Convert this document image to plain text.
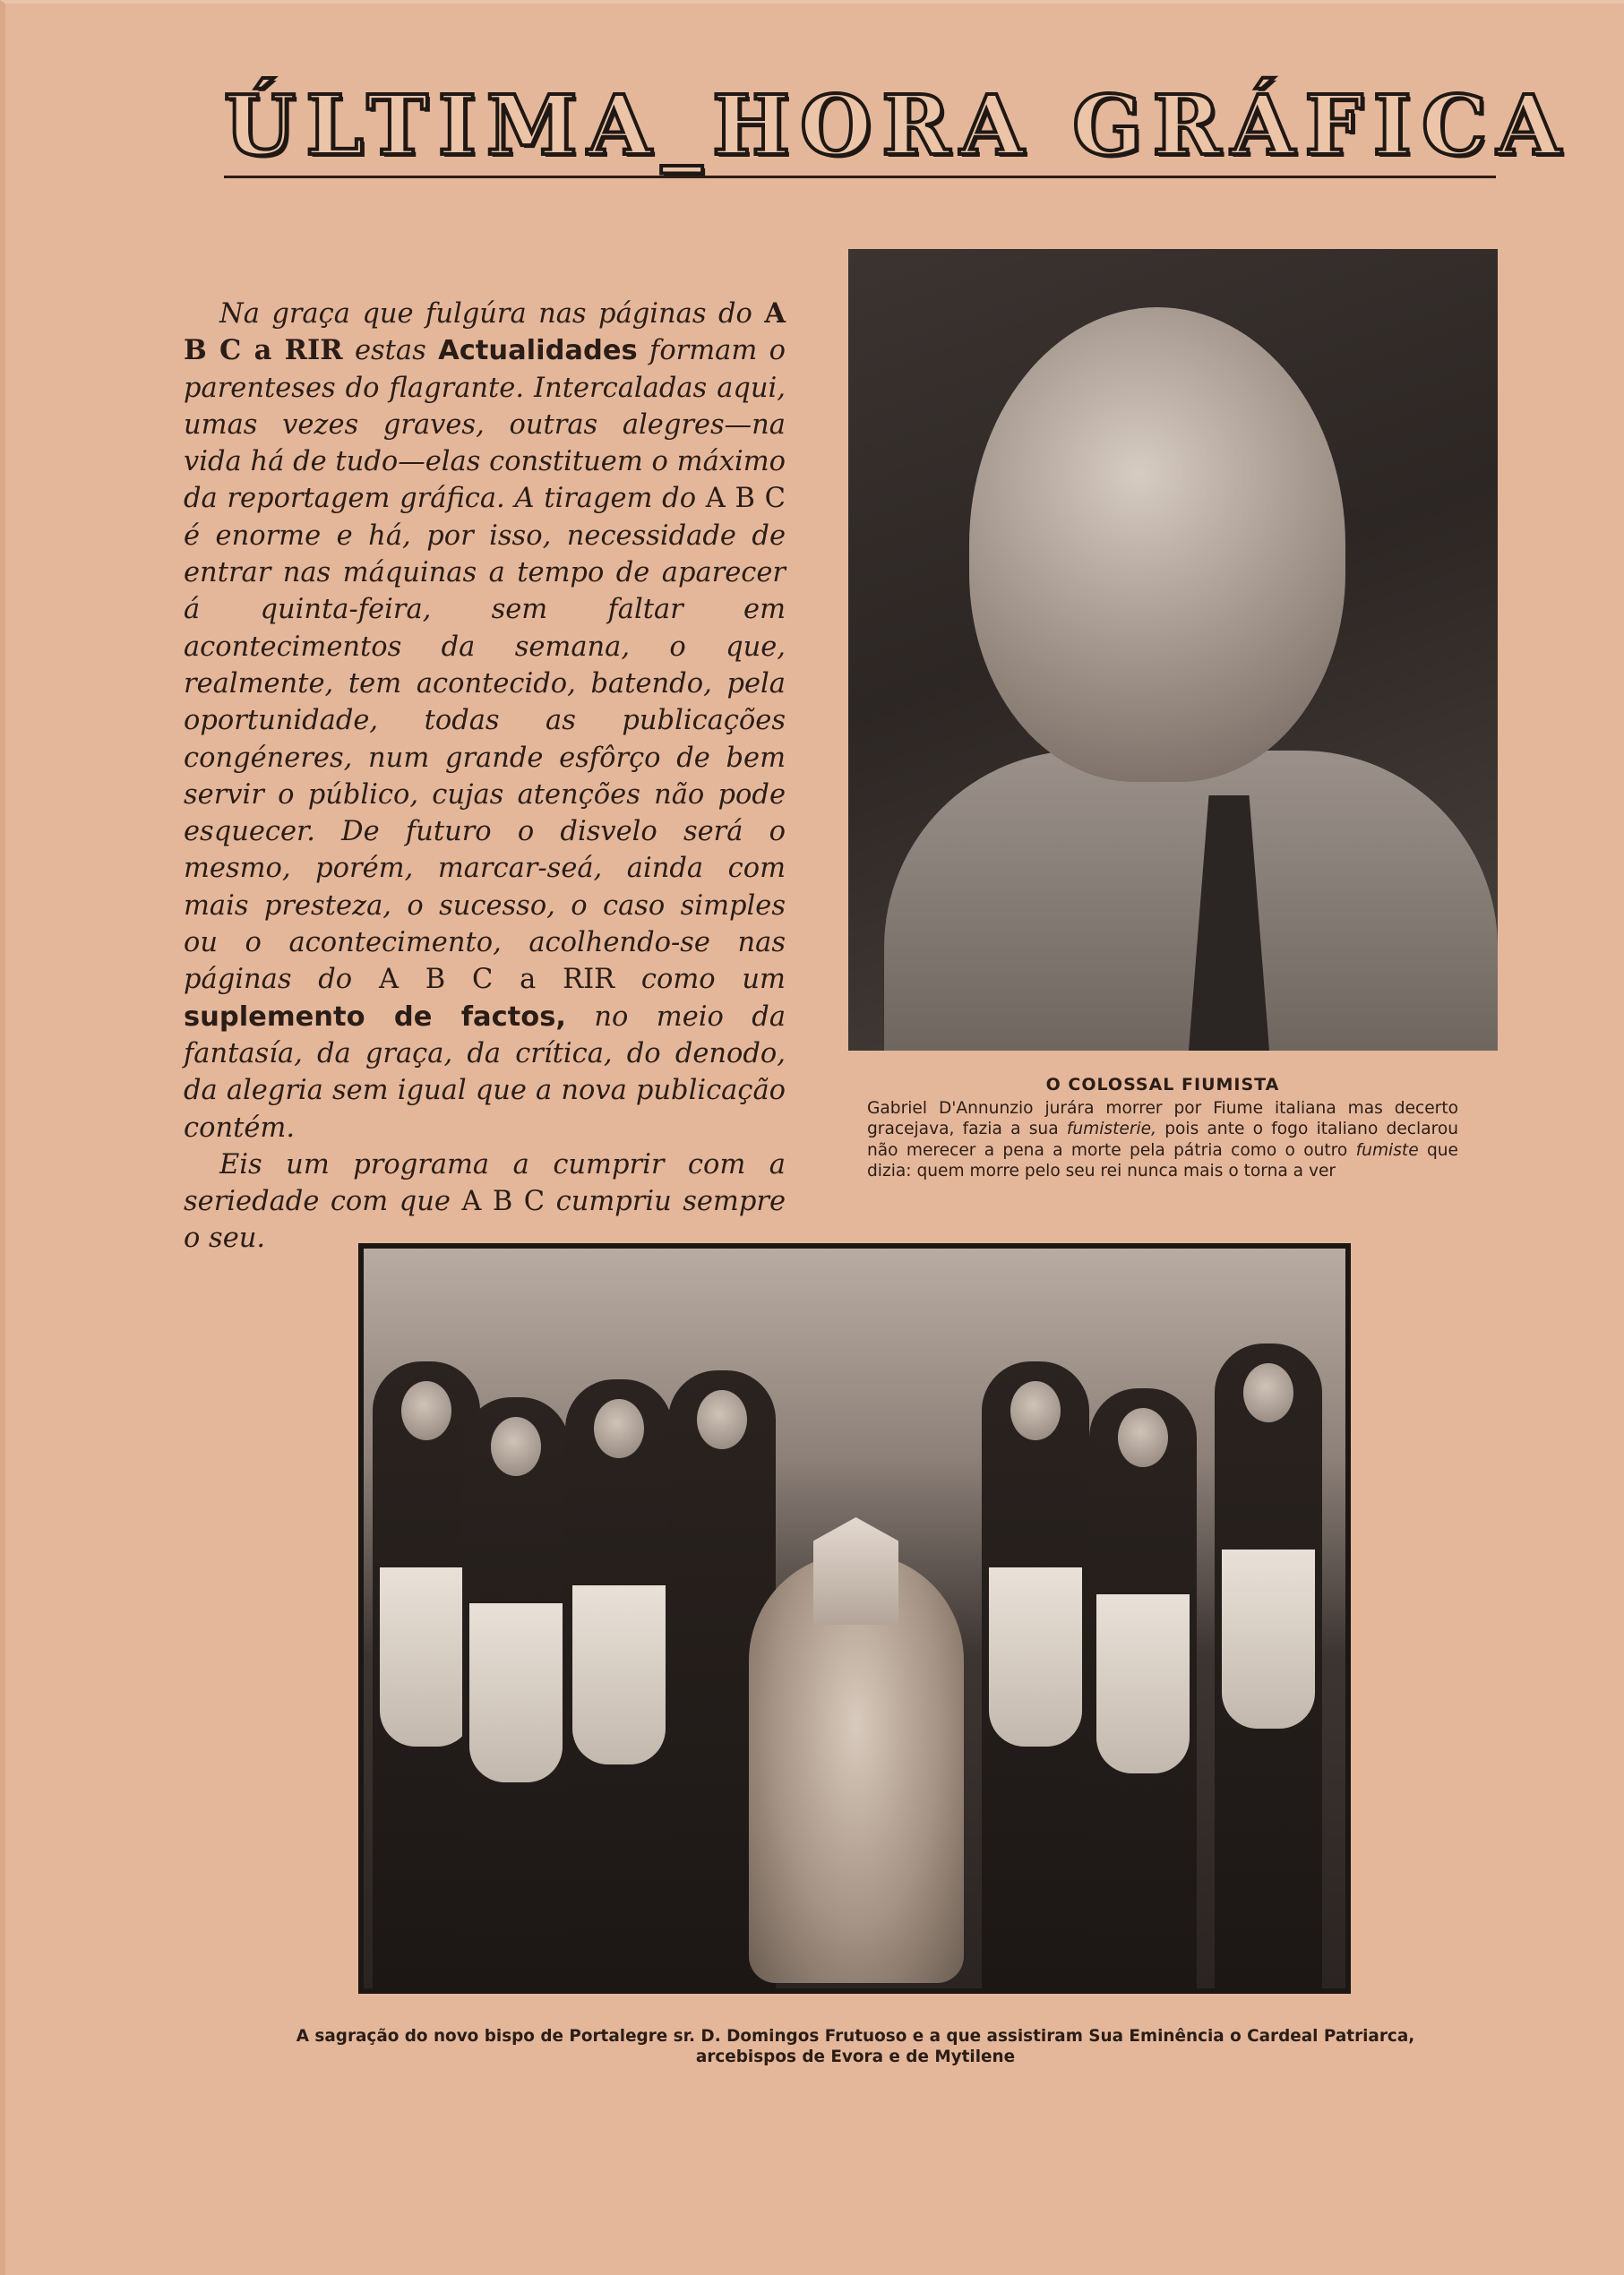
ÚLTIMA_HORA GRÁFICA

Na graça que fulgúra nas páginas do A B C a RIR estas Actualidades formam o parenteses do flagrante. Intercaladas aqui, umas vezes graves, outras alegres—na vida há de tudo—elas constituem o máximo da reportagem gráfica. A tiragem do A B C é enorme e há, por isso, necessidade de entrar nas máquinas a tempo de aparecer á quinta-feira, sem faltar em acontecimentos da semana, o que, realmente, tem acontecido, batendo, pela oportunidade, todas as publicações congéneres, num grande esfôrço de bem servir o público, cujas atenções não pode esquecer. De futuro o disvelo será o mesmo, porém, marcar-seá, ainda com mais presteza, o sucesso, o caso simples ou o acontecimento, acolhendo-se nas páginas do A B C a RIR como um suplemento de factos, no meio da fantasía, da graça, da crítica, do denodo, da alegria sem igual que a nova publicação contém.

Eis um programa a cumprir com a seriedade com que A B C cumpriu sempre o seu.

O COLOSSAL FIUMISTA
Gabriel D'Annunzio jurára morrer por Fiume italiana mas decerto gracejava, fazia a sua fumisterie, pois ante o fogo italiano declarou não merecer a pena a morte pela pátria como o outro fumiste que dizia: quem morre pelo seu rei nunca mais o torna a ver
A sagração do novo bispo de Portalegre sr. D. Domingos Frutuoso e a que assistiram Sua Eminência o Cardeal Patriarca,
arcebispos de Evora e de Mytilene
